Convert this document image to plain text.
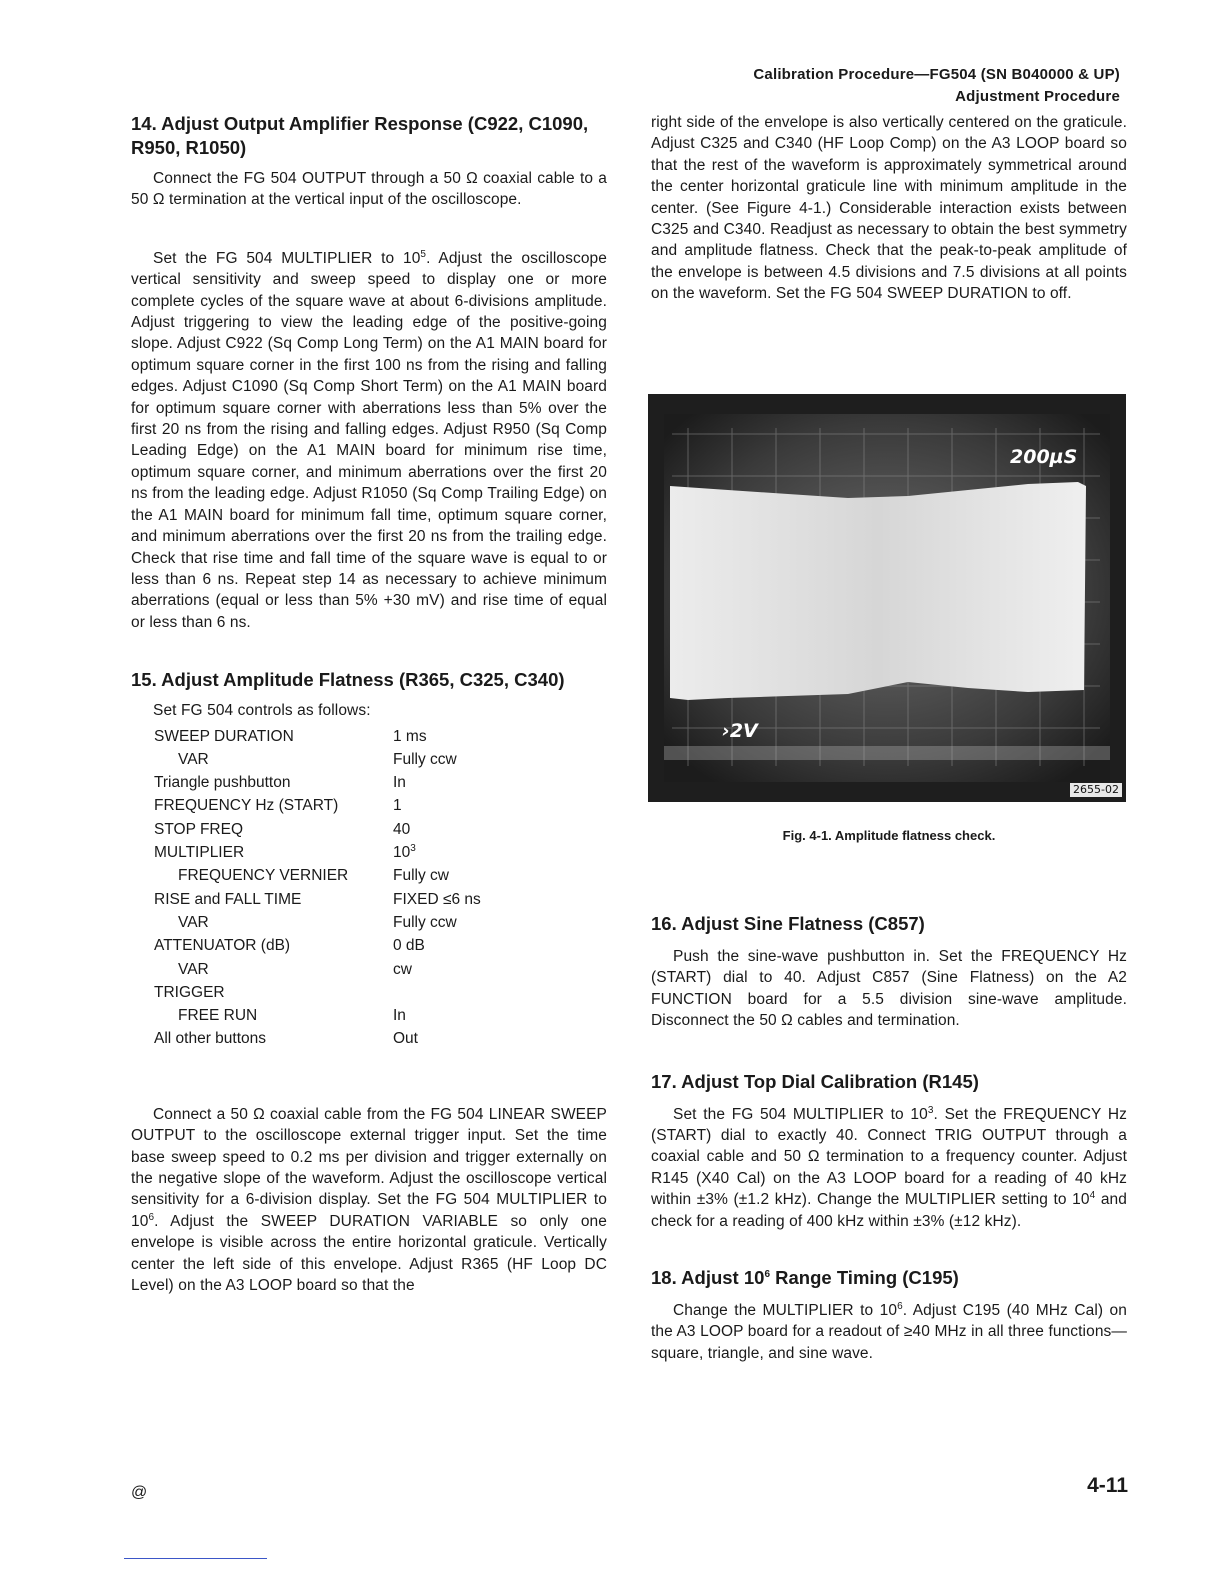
Calibration Procedure—FG504 (SN B040000 & UP)
Adjustment Procedure
14. Adjust Output Amplifier Response (C922, C1090, R950, R1050)

Connect the FG 504 OUTPUT through a 50 Ω coaxial cable to a 50 Ω termination at the vertical input of the oscilloscope.

Set the FG 504 MULTIPLIER to $10^5$. Adjust the oscilloscope vertical sensitivity and sweep speed to display one or more complete cycles of the square wave at about 6-divisions amplitude. Adjust triggering to view the leading edge of the positive-going slope. Adjust C922 (Sq Comp Long Term) on the A1 MAIN board for optimum square corner in the first 100 ns from the rising and falling edges. Adjust C1090 (Sq Comp Short Term) on the A1 MAIN board for optimum square corner with aberrations less than 5% over the first 20 ns from the rising and falling edges. Adjust R950 (Sq Comp Leading Edge) on the A1 MAIN board for minimum rise time, optimum square corner, and minimum aberrations over the first 20 ns from the leading edge. Adjust R1050 (Sq Comp Trailing Edge) on the A1 MAIN board for minimum fall time, optimum square corner, and minimum aberrations over the first 20 ns from the trailing edge. Check that rise time and fall time of the square wave is equal to or less than 6 ns. Repeat step 14 as necessary to achieve minimum aberrations (equal or less than 5% +30 mV) and rise time of equal or less than 6 ns.

15. Adjust Amplitude Flatness (R365, C325, C340)

Set FG 504 controls as follows:

SWEEP DURATION	1 ms
VAR	Fully ccw
Triangle pushbutton	In
FREQUENCY Hz (START)	1
STOP FREQ	40
MULTIPLIER	$10^3$
FREQUENCY VERNIER	Fully cw
RISE and FALL TIME	FIXED ≤6 ns
VAR	Fully ccw
ATTENUATOR (dB)	0 dB
VAR	cw
TRIGGER	
FREE RUN	In
All other buttons	Out

Connect a 50 Ω coaxial cable from the FG 504 LINEAR SWEEP OUTPUT to the oscilloscope external trigger input. Set the time base sweep speed to 0.2 ms per division and trigger externally on the negative slope of the waveform. Adjust the oscilloscope vertical sensitivity for a 6-division display. Set the FG 504 MULTIPLIER to $10^6$. Adjust the SWEEP DURATION VARIABLE so only one envelope is visible across the entire horizontal graticule. Vertically center the left side of this envelope. Adjust R365 (HF Loop DC Level) on the A3 LOOP board so that the

right side of the envelope is also vertically centered on the graticule. Adjust C325 and C340 (HF Loop Comp) on the A3 LOOP board so that the rest of the waveform is approximately symmetrical around the center horizontal graticule line with minimum amplitude in the center. (See Figure 4-1.) Considerable interaction exists between C325 and C340. Readjust as necessary to obtain the best symmetry and amplitude flatness. Check that the peak-to-peak amplitude of the envelope is between 4.5 divisions and 7.5 divisions at all points on the waveform. Set the FG 504 SWEEP DURATION to off.

200µS
›2V
2655-02
Fig. 4-1. Amplitude flatness check.
16. Adjust Sine Flatness (C857)

Push the sine-wave pushbutton in. Set the FREQUENCY Hz (START) dial to 40. Adjust C857 (Sine Flatness) on the A2 FUNCTION board for a 5.5 division sine-wave amplitude. Disconnect the 50 Ω cables and termination.

17. Adjust Top Dial Calibration (R145)

Set the FG 504 MULTIPLIER to $10^3$. Set the FREQUENCY Hz (START) dial to exactly 40. Connect TRIG OUTPUT through a coaxial cable and 50 Ω termination to a frequency counter. Adjust R145 (X40 Cal) on the A3 LOOP board for a reading of 40 kHz within ±3% (±1.2 kHz). Change the MULTIPLIER setting to $10^4$ and check for a reading of 400 kHz within ±3% (±12 kHz).

18. Adjust $10^6$ Range Timing (C195)

Change the MULTIPLIER to $10^6$. Adjust C195 (40 MHz Cal) on the A3 LOOP board for a readout of ≥40 MHz in all three functions—square, triangle, and sine wave.

@	4-11
